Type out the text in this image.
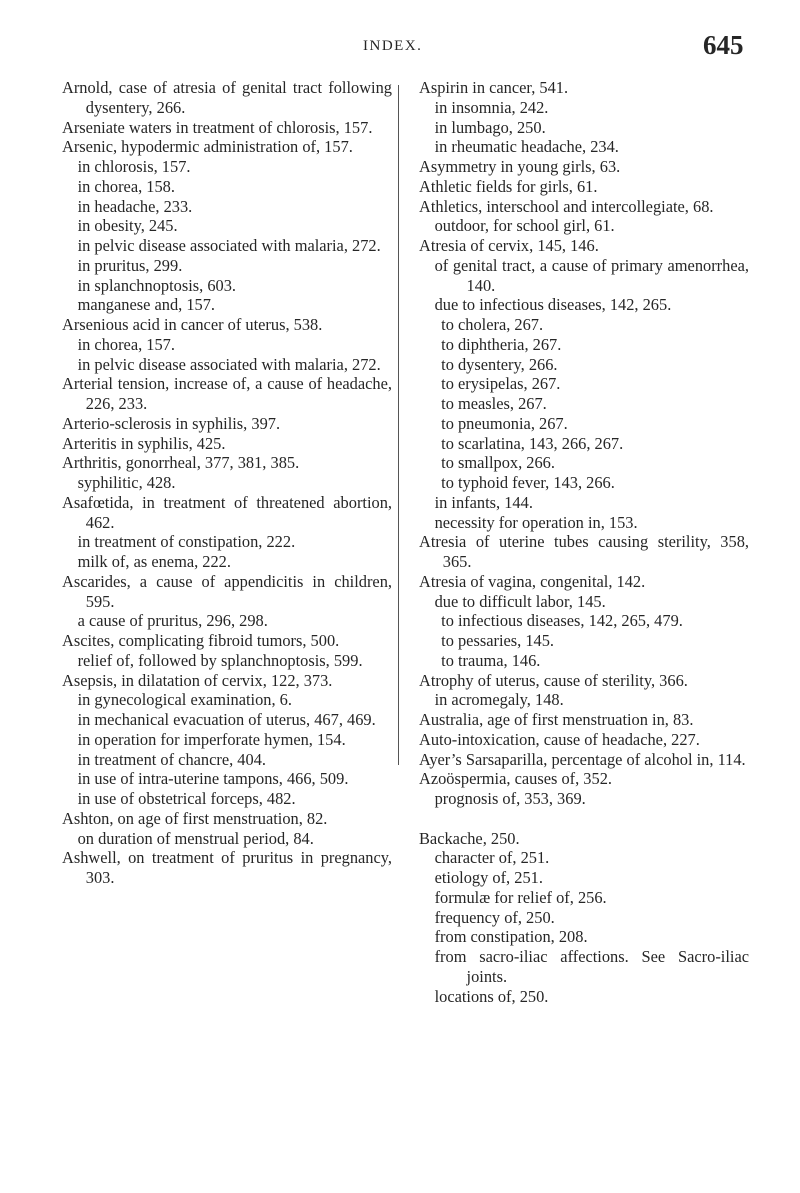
INDEX.	645
Arnold, case of atresia of genital tract following dysentery, 266.
Arseniate waters in treatment of chlorosis, 157.
Arsenic, hypodermic administration of, 157.
in chlorosis, 157.
in chorea, 158.
in headache, 233.
in obesity, 245.
in pelvic disease associated with malaria, 272.
in pruritus, 299.
in splanchnoptosis, 603.
manganese and, 157.
Arsenious acid in cancer of uterus, 538.
in chorea, 157.
in pelvic disease associated with malaria, 272.
Arterial tension, increase of, a cause of headache, 226, 233.
Arterio-sclerosis in syphilis, 397.
Arteritis in syphilis, 425.
Arthritis, gonorrheal, 377, 381, 385.
syphilitic, 428.
Asafœtida, in treatment of threatened abortion, 462.
in treatment of constipation, 222.
milk of, as enema, 222.
Ascarides, a cause of appendicitis in children, 595.
a cause of pruritus, 296, 298.
Ascites, complicating fibroid tumors, 500.
relief of, followed by splanchnoptosis, 599.
Asepsis, in dilatation of cervix, 122, 373.
in gynecological examination, 6.
in mechanical evacuation of uterus, 467, 469.
in operation for imperforate hymen, 154.
in treatment of chancre, 404.
in use of intra-uterine tampons, 466, 509.
in use of obstetrical forceps, 482.
Ashton, on age of first menstruation, 82.
on duration of menstrual period, 84.
Ashwell, on treatment of pruritus in pregnancy, 303.
Aspirin in cancer, 541.
in insomnia, 242.
in lumbago, 250.
in rheumatic headache, 234.
Asymmetry in young girls, 63.
Athletic fields for girls, 61.
Athletics, interschool and intercollegiate, 68.
outdoor, for school girl, 61.
Atresia of cervix, 145, 146.
of genital tract, a cause of primary amenorrhea, 140.
due to infectious diseases, 142, 265.
to cholera, 267.
to diphtheria, 267.
to dysentery, 266.
to erysipelas, 267.
to measles, 267.
to pneumonia, 267.
to scarlatina, 143, 266, 267.
to smallpox, 266.
to typhoid fever, 143, 266.
in infants, 144.
necessity for operation in, 153.
Atresia of uterine tubes causing sterility, 358, 365.
Atresia of vagina, congenital, 142.
due to difficult labor, 145.
to infectious diseases, 142, 265, 479.
to pessaries, 145.
to trauma, 146.
Atrophy of uterus, cause of sterility, 366.
in acromegaly, 148.
Australia, age of first menstruation in, 83.
Auto-intoxication, cause of headache, 227.
Ayer’s Sarsaparilla, percentage of alcohol in, 114.
Azoöspermia, causes of, 352.
prognosis of, 353, 369.
Backache, 250.
character of, 251.
etiology of, 251.
formulæ for relief of, 256.
frequency of, 250.
from constipation, 208.
from sacro-iliac affections. See Sacro-iliac joints.
locations of, 250.
